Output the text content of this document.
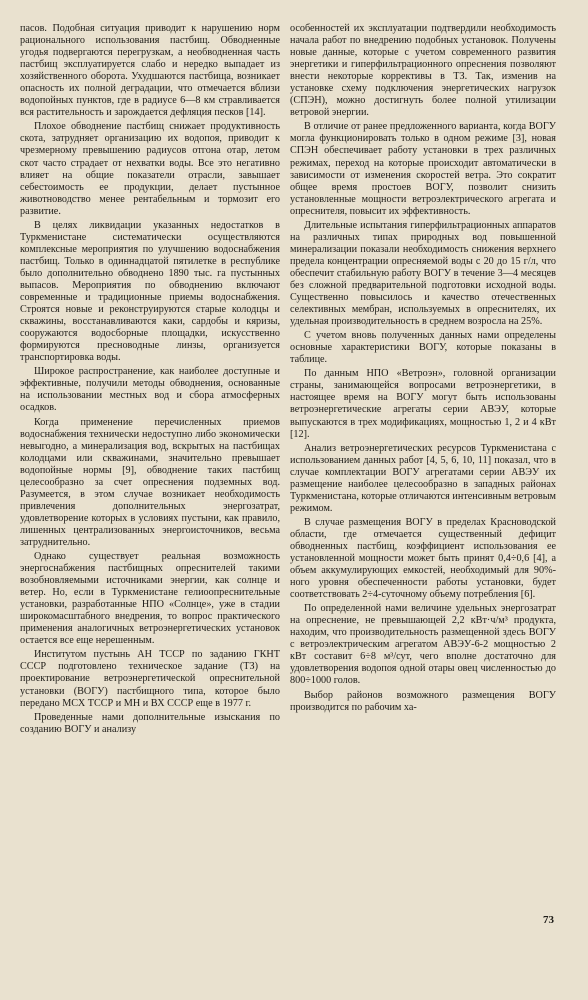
пасов. Подобная ситуация приводит к нарушению норм рационального использования пастбищ. Обводненные угодья подвергаются перегрузкам, а необводненная часть пастбищ эксплуатируется слабо и нередко выпадает из хозяйственного оборота. Ухудшаются пастбища, возникает опасность их полной деградации, что отмечается вблизи водопойных пунктов, где в радиусе 6—8 км стравливается вся растительность и зарождается дефляция песков [14].

Плохое обводнение пастбищ снижает продуктивность скота, затрудняет организацию их водопоя, приводит к чрезмерному превышению радиусов отгона отар, летом скот часто страдает от нехватки воды. Все это негативно влияет на общие показатели отрасли, завышает себестоимость ее продукции, делает пустынное животноводство менее рентабельным и тормозит его развитие.

В целях ликвидации указанных недостатков в Туркменистане систематически осуществляются комплексные мероприятия по улучшению водоснабжения пастбищ. Только в одиннадцатой пятилетке в республике было дополнительно обводнено 1890 тыс. га пустынных выпасов. Мероприятия по обводнению включают современные и традиционные приемы водоснабжения. Строятся новые и реконструируются старые колодцы и скважины, восстанавливаются каки, сардобы и кяризы, сооружаются водосборные площадки, искусственно формируются пресноводные линзы, организуется транспортировка воды.

Широкое распространение, как наиболее доступные и эффективные, получили методы обводнения, основанные на использовании местных вод и сбора атмосферных осадков.

Когда применение перечисленных приемов водоснабжения технически недоступно либо экономически невыгодно, а минерализация вод, вскрытых на пастбищах колодцами или скважинами, значительно превышает водопойные нормы [9], обводнение таких пастбищ целесообразно за счет опреснения подземных вод. Разумеется, в этом случае возникает необходимость привлечения дополнительных энергозатрат, удовлетворение которых в условиях пустыни, как правило, лишенных централизованных энергоисточников, весьма затруднительно.

Однако существует реальная возможность энергоснабжения пастбищных опреснителей такими возобновляемыми источниками энергии, как солнце и ветер. Но, если в Туркменистане гелиоопреснительные установки, разработанные НПО «Солнце», уже в стадии широкомасштабного внедрения, то вопрос практического применения аналогичных ветроэнергетических установок остается все еще нерешенным.

Институтом пустынь АН ТССР по заданию ГКНТ СССР подготовлено техническое задание (ТЗ) на проектирование ветроэнергетической опреснительной установки (ВОГУ) пастбищного типа, которое было передано МСХ ТССР и МН и ВХ СССР еще в 1977 г.

Проведенные нами дополнительные изыскания по созданию ВОГУ и анализу

особенностей их эксплуатации подтвердили необходимость начала работ по внедрению подобных установок. Получены новые данные, которые с учетом современного развития энергетики и гиперфильтрационного опреснения позволяют внести некоторые коррективы в ТЗ. Так, изменив на установке схему подключения энергетических нагрузок (СПЭН), можно достигнуть более полной утилизации ветровой энергии.

В отличие от ранее предложенного варианта, когда ВОГУ могла функционировать только в одном режиме [3], новая СПЭН обеспечивает работу установки в трех различных режимах, переход на которые происходит автоматически в зависимости от изменения скоростей ветра. Это сократит общее время простоев ВОГУ, позволит снизить установленные мощности ветроэлектрического агрегата и опреснителя, повысит их эффективность.

Длительные испытания гиперфильтрационных аппаратов на различных типах природных вод повышенной минерализации показали необходимость снижения верхнего предела концентрации опресняемой воды с 20 до 15 г/л, что обеспечит стабильную работу ВОГУ в течение 3—4 месяцев без сложной предварительной подготовки исходной воды. Существенно повысилось и качество отечественных селективных мембран, используемых в опреснителях, их удельная производительность в среднем возросла на 25%.

С учетом вновь полученных данных нами определены основные характеристики ВОГУ, которые показаны в таблице.

По данным НПО «Ветроэн», головной организации страны, занимающейся вопросами ветроэнергетики, в настоящее время на ВОГУ могут быть использованы ветроэнергетические агрегаты серии АВЭУ, которые выпускаются в трех модификациях, мощностью 1, 2 и 4 кВт [12].

Анализ ветроэнергетических ресурсов Туркменистана с использованием данных работ [4, 5, 6, 10, 11] показал, что в случае комплектации ВОГУ агрегатами серии АВЭУ их размещение наиболее целесообразно в западных районах Туркменистана, которые отличаются интенсивным ветровым режимом.

В случае размещения ВОГУ в пределах Красноводской области, где отмечается существенный дефицит обводненных пастбищ, коэффициент использования ее установленной мощности может быть принят 0,4÷0,6 [4], а объем аккумулирующих емкостей, необходимый для 90%-ного уровня обеспеченности работы установки, будет соответствовать 2÷4-суточному объему потребления [6].

По определенной нами величине удельных энергозатрат на опреснение, не превышающей 2,2 кВт·ч/м³ продукта, находим, что производительность размещенной здесь ВОГУ с ветроэлектрическим агрегатом АВЭУ-6-2 мощностью 2 кВт составит 6÷8 м³/сут, чего вполне достаточно для удовлетворения водопоя одной отары овец численностью до 800÷1000 голов.

Выбор районов возможного размещения ВОГУ производится по рабочим ха-

73
